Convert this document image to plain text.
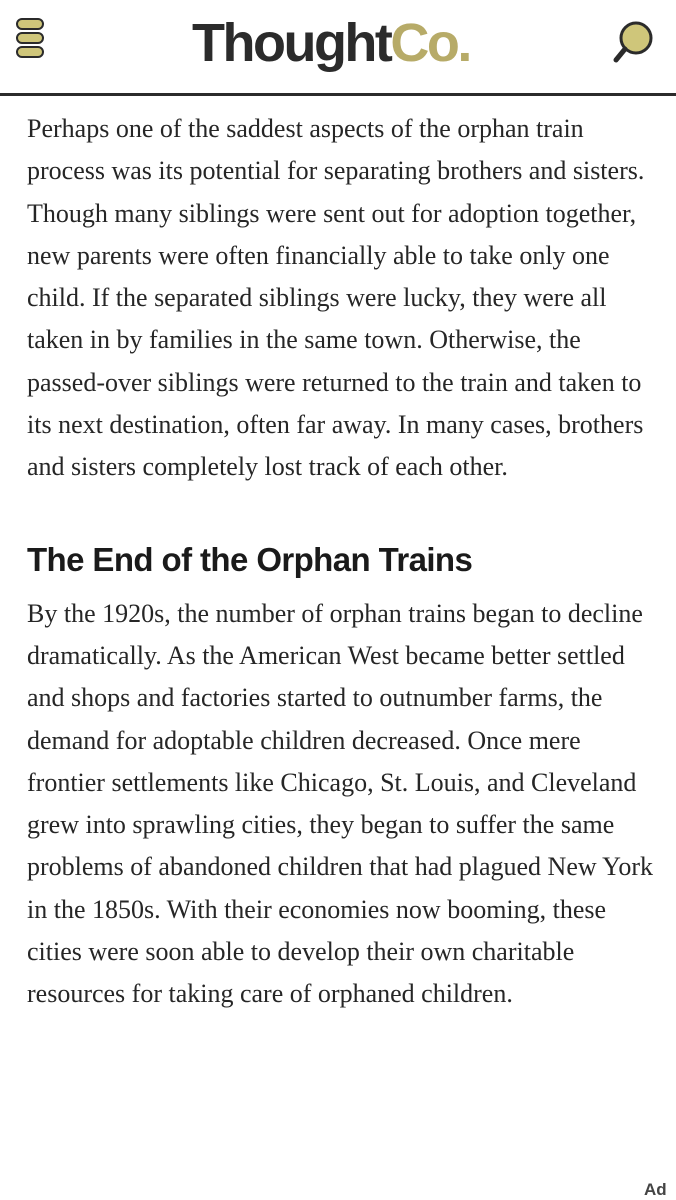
ThoughtCo.

Perhaps one of the saddest aspects of the orphan train process was its potential for separating brothers and sisters. Though many siblings were sent out for adoption together, new parents were often financially able to take only one child. If the separated siblings were lucky, they were all taken in by families in the same town. Otherwise, the passed-over siblings were returned to the train and taken to its next destination, often far away. In many cases, brothers and sisters completely lost track of each other.

The End of the Orphan Trains

By the 1920s, the number of orphan trains began to decline dramatically. As the American West became better settled and shops and factories started to outnumber farms, the demand for adoptable children decreased. Once mere frontier settlements like Chicago, St. Louis, and Cleveland grew into sprawling cities, they began to suffer the same problems of abandoned children that had plagued New York in the 1850s. With their economies now booming, these cities were soon able to develop their own charitable resources for taking care of orphaned children.

Ad
